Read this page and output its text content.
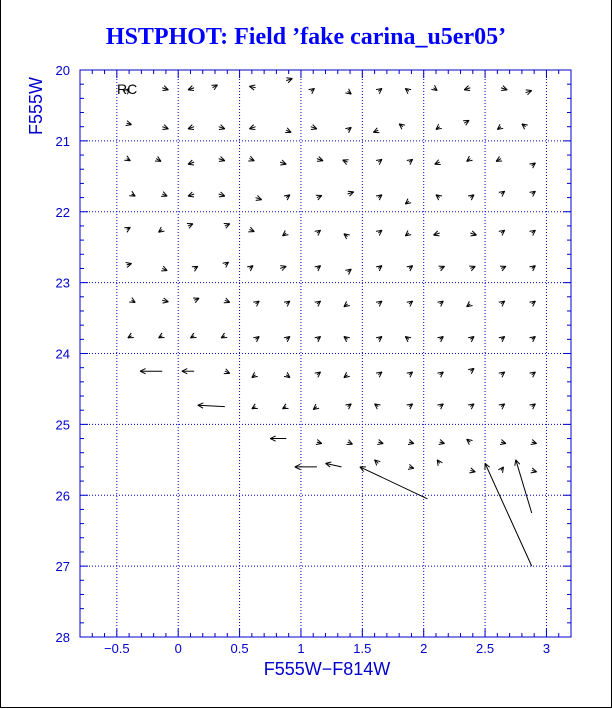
HSTPHOT: Field ’fake carina_u5er05’
−0.5	0	0.5	1	1.5	2	2.5	3
20
21
22
23
24
25
26
27
28
RC
F555W−F814W
F555W
